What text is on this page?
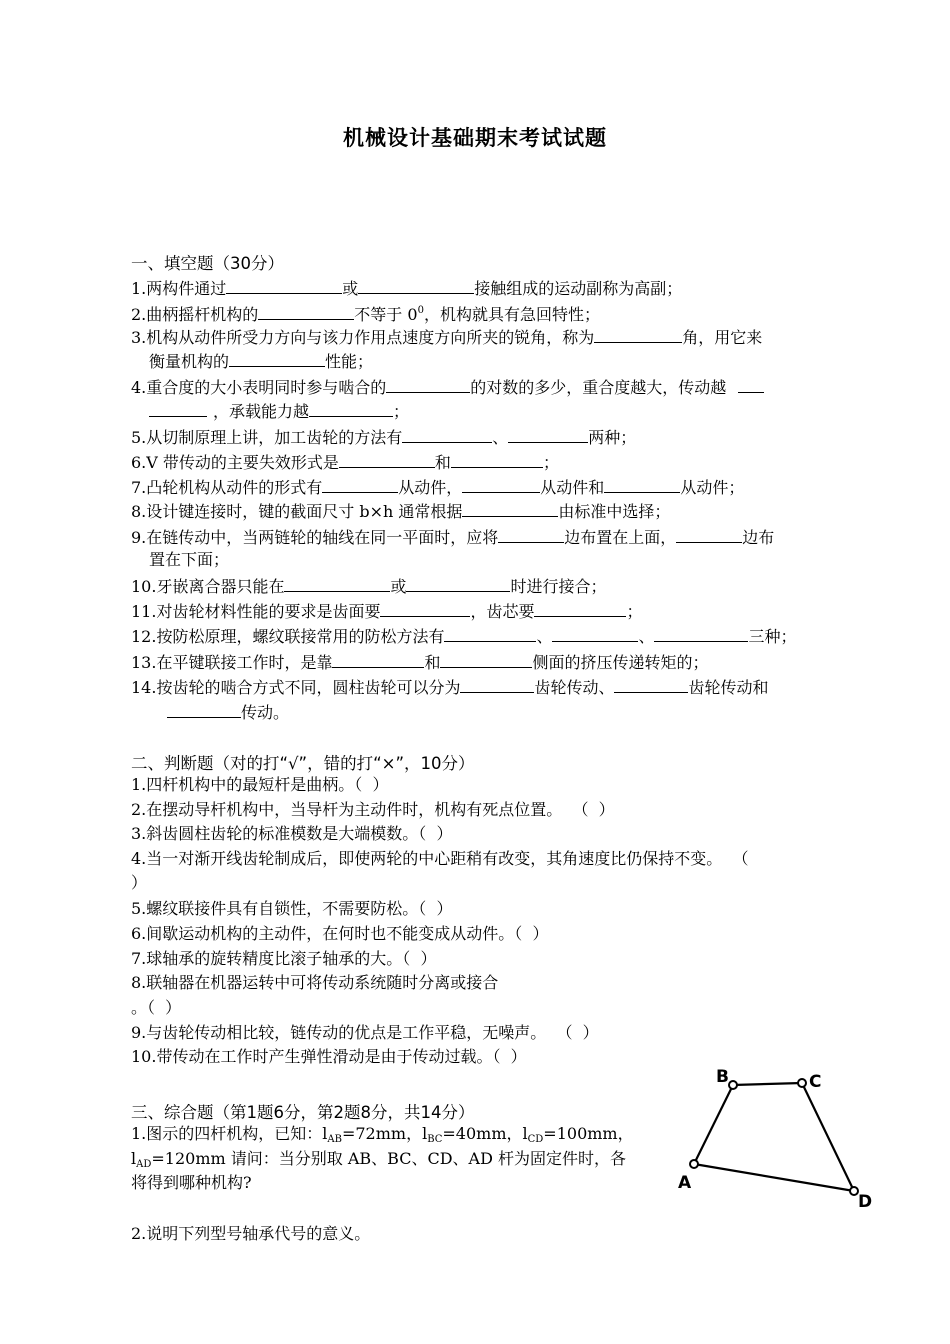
机械设计基础期末考试试题
一、填空题（30分）
1.两构件通过	或	接触组成的运动副称为高副；
2.曲柄摇杆机构的	不等于 $0^0$，机构就具有急回特性；
3.机构从动件所受力方向与该力作用点速度方向所夹的锐角，称为	角，用它来
衡量机构的	性能；
4.重合度的大小表明同时参与啮合的	的对数的多少，重合度越大，传动越
，承载能力越	；
5.从切制原理上讲，加工齿轮的方法有	、	两种；
6.V 带传动的主要失效形式是	和	；
7.凸轮机构从动件的形式有	从动件，	从动件和	从动件；
8.设计键连接时，键的截面尺寸 b×h 通常根据	由标准中选择；
9.在链传动中，当两链轮的轴线在同一平面时，应将	边布置在上面，	边布
置在下面；
10.牙嵌离合器只能在	或	时进行接合；
11.对齿轮材料性能的要求是齿面要	，齿芯要	；
12.按防松原理，螺纹联接常用的防松方法有	、	、	三种；
13.在平键联接工作时，是靠	和	侧面的挤压传递转矩的；
14.按齿轮的啮合方式不同，圆柱齿轮可以分为	齿轮传动、	齿轮传动和
传动。
二、判断题（对的打“√”，错的打“×”，10分）
1.四杆机构中的最短杆是曲柄。（  ）
2.在摆动导杆机构中，当导杆为主动件时，机构有死点位置。  （  ）
3.斜齿圆柱齿轮的标准模数是大端模数。（  ）
4.当一对渐开线齿轮制成后，即使两轮的中心距稍有改变，其角速度比仍保持不变。  （
）
5.螺纹联接件具有自锁性，不需要防松。（  ）
6.间歇运动机构的主动件，在何时也不能变成从动件。（  ）
7.球轴承的旋转精度比滚子轴承的大。（  ）
8.联轴器在机器运转中可将传动系统随时分离或接合
。（  ）
9.与齿轮传动相比较，链传动的优点是工作平稳，无噪声。  （  ）
10.带传动在工作时产生弹性滑动是由于传动过载。（  ）
三、综合题（第1题6分，第2题8分，共14分）
1.图示的四杆机构，已知：$l_{AB}=72mm$，$l_{BC}=40mm$，$l_{CD}=100mm$，
$l_{AD}=120mm$ 请问：当分别取 AB、BC、CD、AD 杆为固定件时，各
将得到哪种机构?
2.说明下列型号轴承代号的意义。
B	C
A
D
